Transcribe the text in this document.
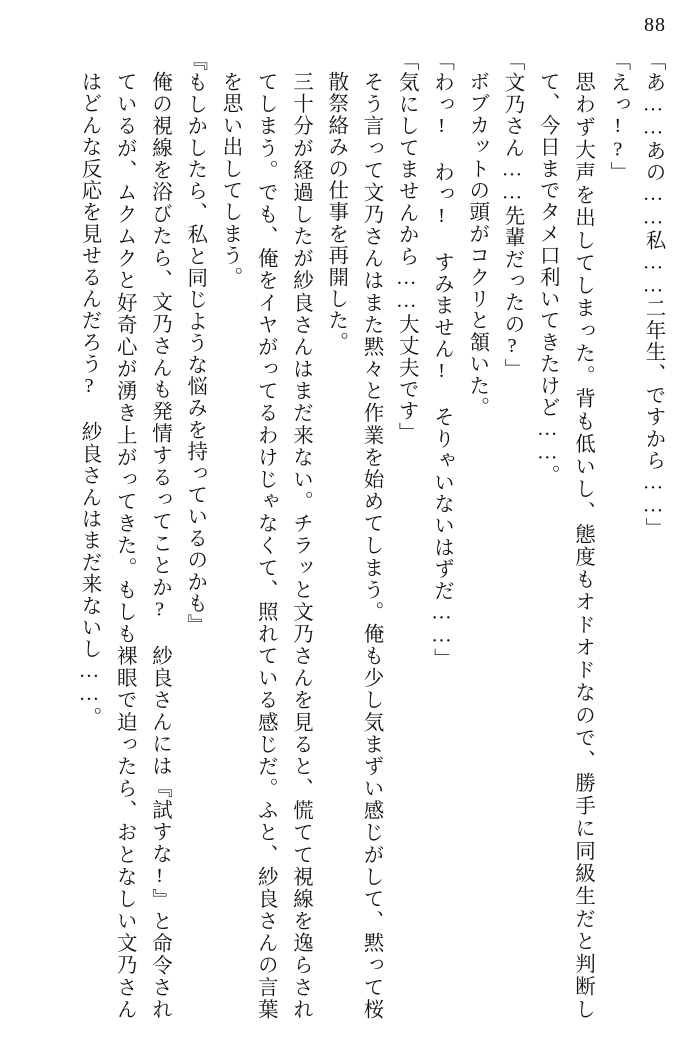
88

「あ……あの……私……二年生、ですから……」

「えっ!?」

思わず大声を出してしまった。背も低いし、態度もオドオドなので、勝手に同級生だと判断して、今日までタメ口利いてきたけど……。

「文乃さん……先輩だったの?」

ボブカットの頭がコクリと頷いた。

「わっ! わっ! すみません! そりゃいないはずだ……」

「気にしてませんから……大丈夫です」

そう言って文乃さんはまた黙々と作業を始めてしまう。俺も少し気まずい感じがして、黙って桜散祭絡みの仕事を再開した。

三十分が経過したが紗良さんはまだ来ない。チラッと文乃さんを見ると、慌てて視線を逸らされてしまう。でも、俺をイヤがってるわけじゃなくて、照れている感じだ。ふと、紗良さんの言葉を思い出してしまう。

『もしかしたら、私と同じような悩みを持っているのかも』

俺の視線を浴びたら、文乃さんも発情するってことか? 紗良さんには『試すな!』と命令されているが、ムクムクと好奇心が湧き上がってきた。もしも裸眼で迫ったら、おとなしい文乃さんはどんな反応を見せるんだろう? 紗良さんはまだ来ないし……。
